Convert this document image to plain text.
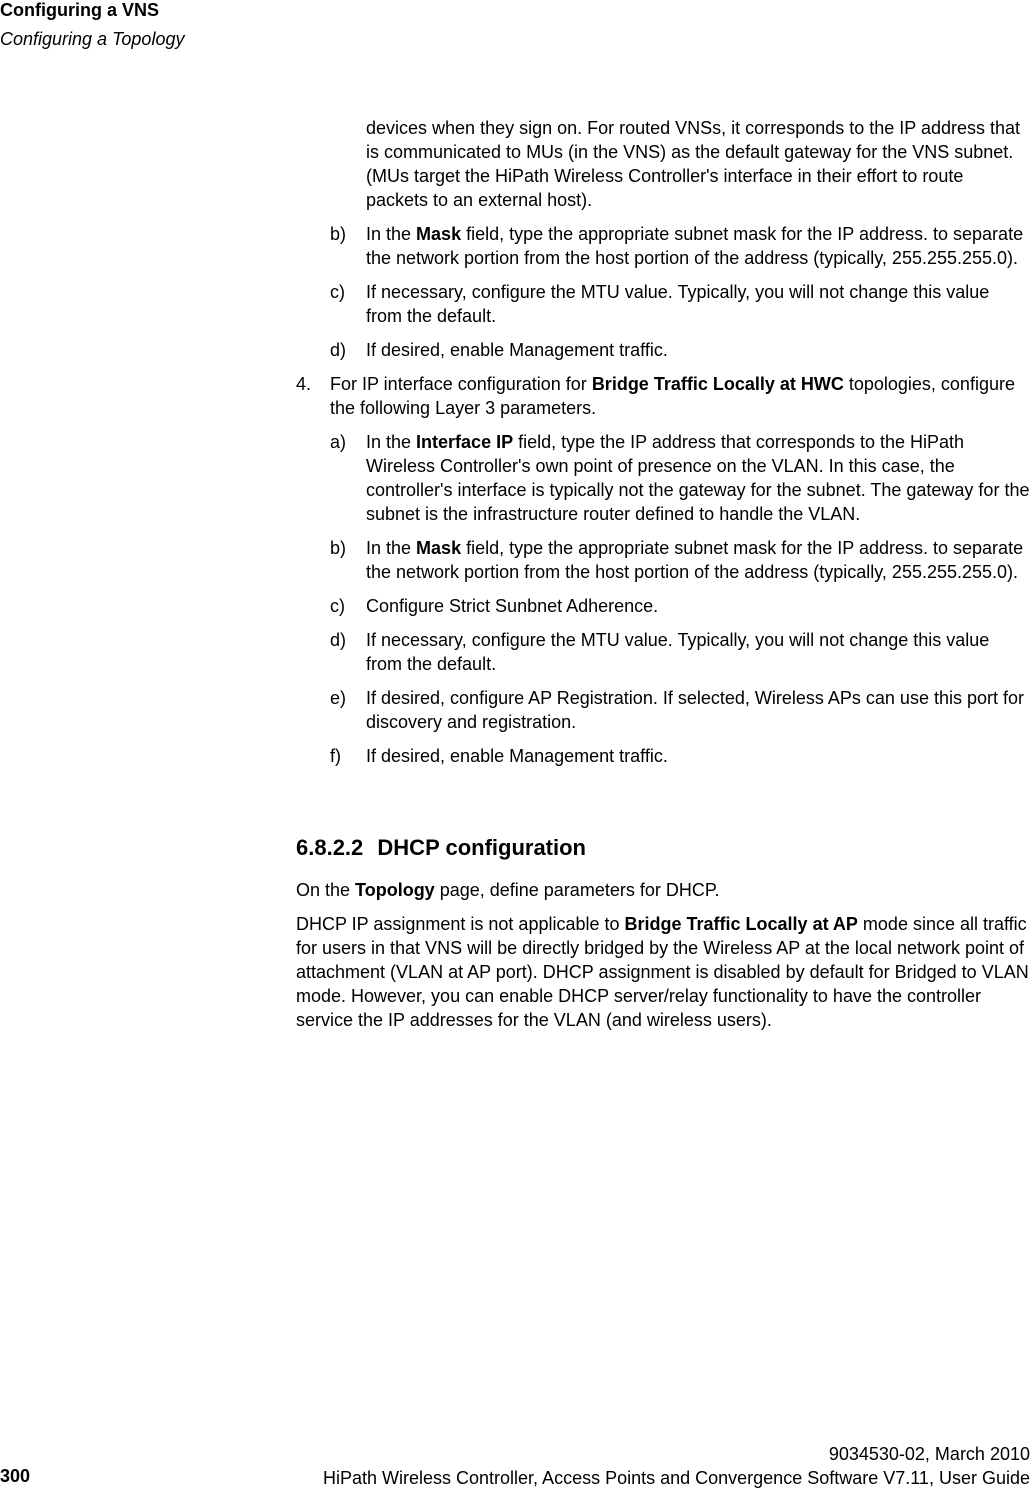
Configuring a VNS
Configuring a Topology

devices when they sign on. For routed VNSs, it corresponds to the IP address that is communicated to MUs (in the VNS) as the default gateway for the VNS subnet. (MUs target the HiPath Wireless Controller's interface in their effort to route packets to an external host).

b) In the Mask field, type the appropriate subnet mask for the IP address. to separate the network portion from the host portion of the address (typically, 255.255.255.0).
c) If necessary, configure the MTU value. Typically, you will not change this value from the default.
d) If desired, enable Management traffic.
4. For IP interface configuration for Bridge Traffic Locally at HWC topologies, configure the following Layer 3 parameters.
a) In the Interface IP field, type the IP address that corresponds to the HiPath Wireless Controller's own point of presence on the VLAN. In this case, the controller's interface is typically not the gateway for the subnet. The gateway for the subnet is the infrastructure router defined to handle the VLAN.
b) In the Mask field, type the appropriate subnet mask for the IP address. to separate the network portion from the host portion of the address (typically, 255.255.255.0).
c) Configure Strict Sunbnet Adherence.
d) If necessary, configure the MTU value. Typically, you will not change this value from the default.
e) If desired, configure AP Registration. If selected, Wireless APs can use this port for discovery and registration.
f) If desired, enable Management traffic.
6.8.2.2 DHCP configuration

On the Topology page, define parameters for DHCP.

DHCP IP assignment is not applicable to Bridge Traffic Locally at AP mode since all traffic for users in that VNS will be directly bridged by the Wireless AP at the local network point of attachment (VLAN at AP port). DHCP assignment is disabled by default for Bridged to VLAN mode. However, you can enable DHCP server/relay functionality to have the controller service the IP addresses for the VLAN (and wireless users).

300
9034530-02, March 2010
HiPath Wireless Controller, Access Points and Convergence Software V7.11, User Guide
